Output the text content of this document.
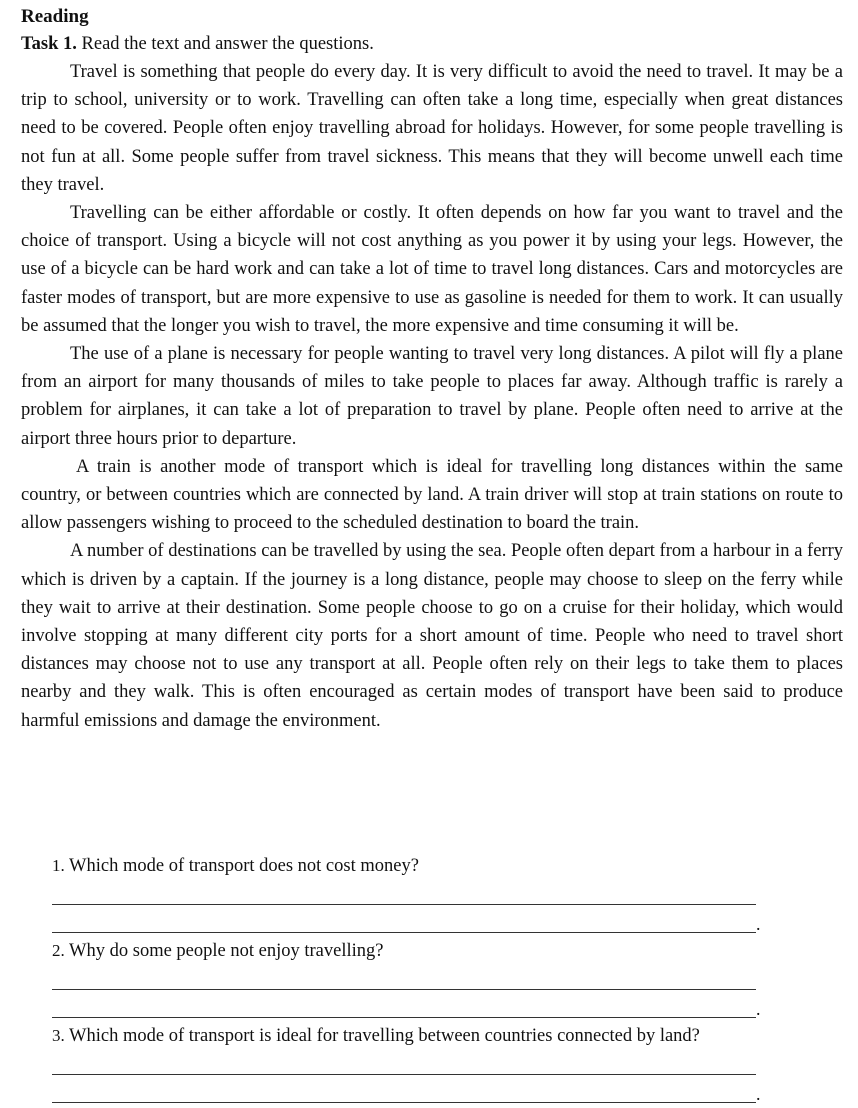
Reading

Task 1. Read the text and answer the questions.

Travel is something that people do every day. It is very difficult to avoid the need to travel. It may be a trip to school, university or to work. Travelling can often take a long time, especially when great distances need to be covered. People often enjoy travelling abroad for holidays. However, for some people travelling is not fun at all. Some people suffer from travel sickness. This means that they will become unwell each time they travel.

Travelling can be either affordable or costly. It often depends on how far you want to travel and the choice of transport. Using a bicycle will not cost anything as you power it by using your legs. However, the use of a bicycle can be hard work and can take a lot of time to travel long distances. Cars and motorcycles are faster modes of transport, but are more expensive to use as gasoline is needed for them to work. It can usually be assumed that the longer you wish to travel, the more expensive and time consuming it will be.

The use of a plane is necessary for people wanting to travel very long distances. A pilot will fly a plane from an airport for many thousands of miles to take people to places far away. Although traffic is rarely a problem for airplanes, it can take a lot of preparation to travel by plane. People often need to arrive at the airport three hours prior to departure.

A train is another mode of transport which is ideal for travelling long distances within the same country, or between countries which are connected by land. A train driver will stop at train stations on route to allow passengers wishing to proceed to the scheduled destination to board the train.

A number of destinations can be travelled by using the sea. People often depart from a harbour in a ferry which is driven by a captain. If the journey is a long distance, people may choose to sleep on the ferry while they wait to arrive at their destination. Some people choose to go on a cruise for their holiday, which would involve stopping at many different city ports for a short amount of time. People who need to travel short distances may choose not to use any transport at all. People often rely on their legs to take them to places nearby and they walk. This is often encouraged as certain modes of transport have been said to produce harmful emissions and damage the environment.

1. Which mode of transport does not cost money?

.

2. Why do some people not enjoy travelling?

.

3. Which mode of transport is ideal for travelling between countries connected by land?

.
